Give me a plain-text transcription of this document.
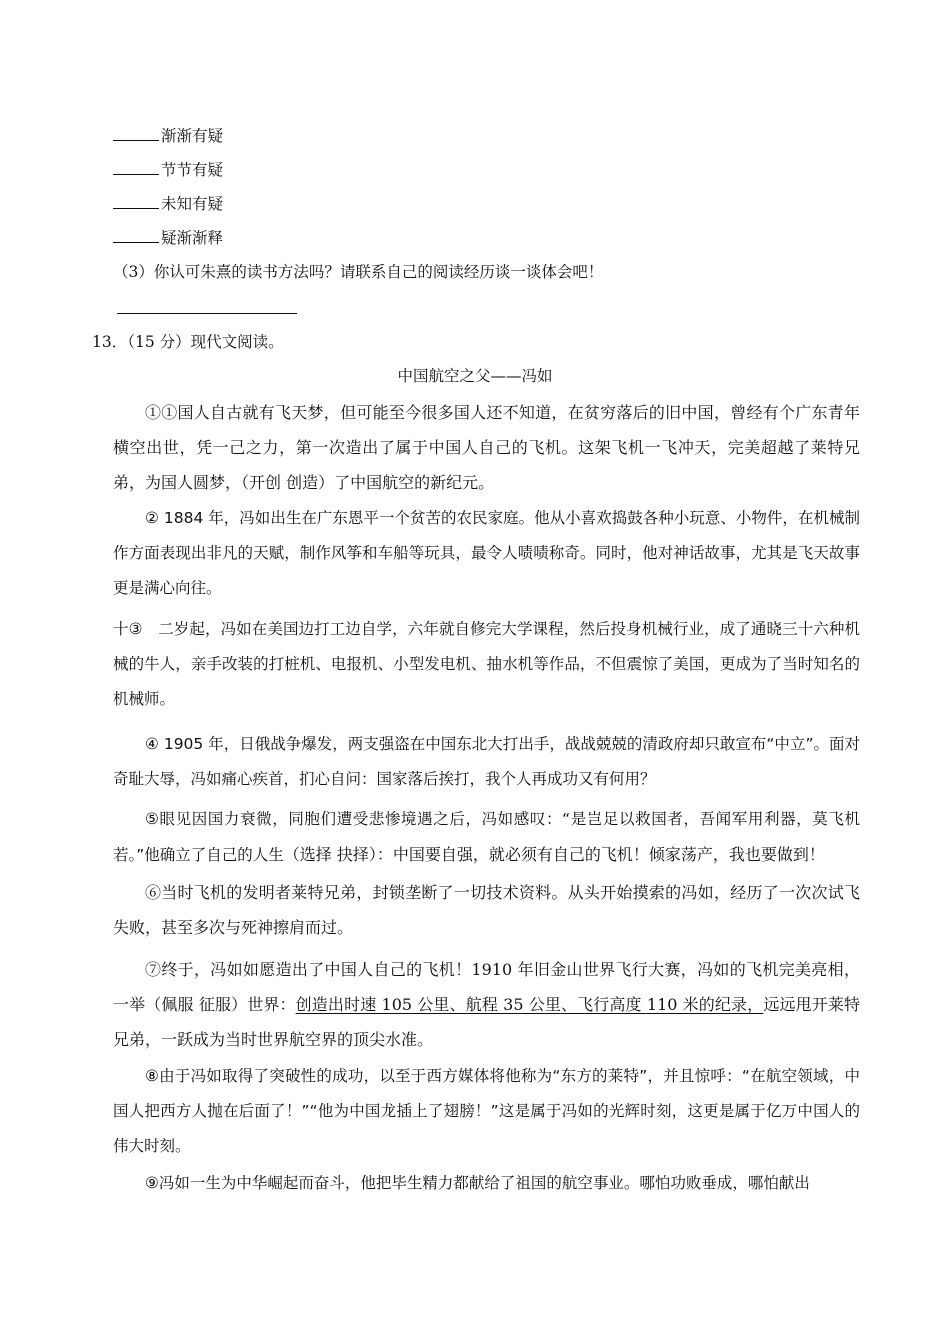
渐渐有疑
节节有疑
未知有疑
疑渐渐释
（3）你认可朱熹的读书方法吗？请联系自己的阅读经历谈一谈体会吧！
13．（15 分）现代文阅读。
中国航空之父——冯如
①①国人自古就有飞天梦，但可能至今很多国人还不知道，在贫穷落后的旧中国，曾经有个广东青年横空出世，凭一己之力，第一次造出了属于中国人自己的飞机。这架飞机一飞冲天，完美超越了莱特兄弟，为国人圆梦，（开创 创造）了中国航空的新纪元。
② 1884 年，冯如出生在广东恩平一个贫苦的农民家庭。他从小喜欢捣鼓各种小玩意、小物件，在机械制作方面表现出非凡的天赋，制作风筝和车船等玩具，最令人啧啧称奇。同时，他对神话故事，尤其是飞天故事更是满心向往。
十③　二岁起，冯如在美国边打工边自学，六年就自修完大学课程，然后投身机械行业，成了通晓三十六种机械的牛人，亲手改装的打桩机、电报机、小型发电机、抽水机等作品，不但震惊了美国，更成为了当时知名的机械师。
④ 1905 年，日俄战争爆发，两支强盗在中国东北大打出手，战战兢兢的清政府却只敢宣布“中立”。面对奇耻大辱，冯如痛心疾首，扪心自问：国家落后挨打，我个人再成功又有何用？
⑤眼见因国力衰微，同胞们遭受悲惨境遇之后，冯如感叹：“是岂足以救国者，吾闻军用利器，莫飞机若。”他确立了自己的人生（选择 抉择）：中国要自强，就必须有自己的飞机！倾家荡产，我也要做到！
⑥当时飞机的发明者莱特兄弟，封锁垄断了一切技术资料。从头开始摸索的冯如，经历了一次次试飞失败，甚至多次与死神擦肩而过。
⑦终于，冯如如愿造出了中国人自己的飞机！1910 年旧金山世界飞行大赛，冯如的飞机完美亮相，一举（佩服 征服）世界：创造出时速 105 公里、航程 35 公里、飞行高度 110 米的纪录，远远甩开莱特兄弟，一跃成为当时世界航空界的顶尖水准。
⑧由于冯如取得了突破性的成功，以至于西方媒体将他称为“东方的莱特”，并且惊呼：“在航空领域，中国人把西方人抛在后面了！”“他为中国龙插上了翅膀！”这是属于冯如的光辉时刻，这更是属于亿万中国人的伟大时刻。
⑨冯如一生为中华崛起而奋斗，他把毕生精力都献给了祖国的航空事业。哪怕功败垂成，哪怕献出
